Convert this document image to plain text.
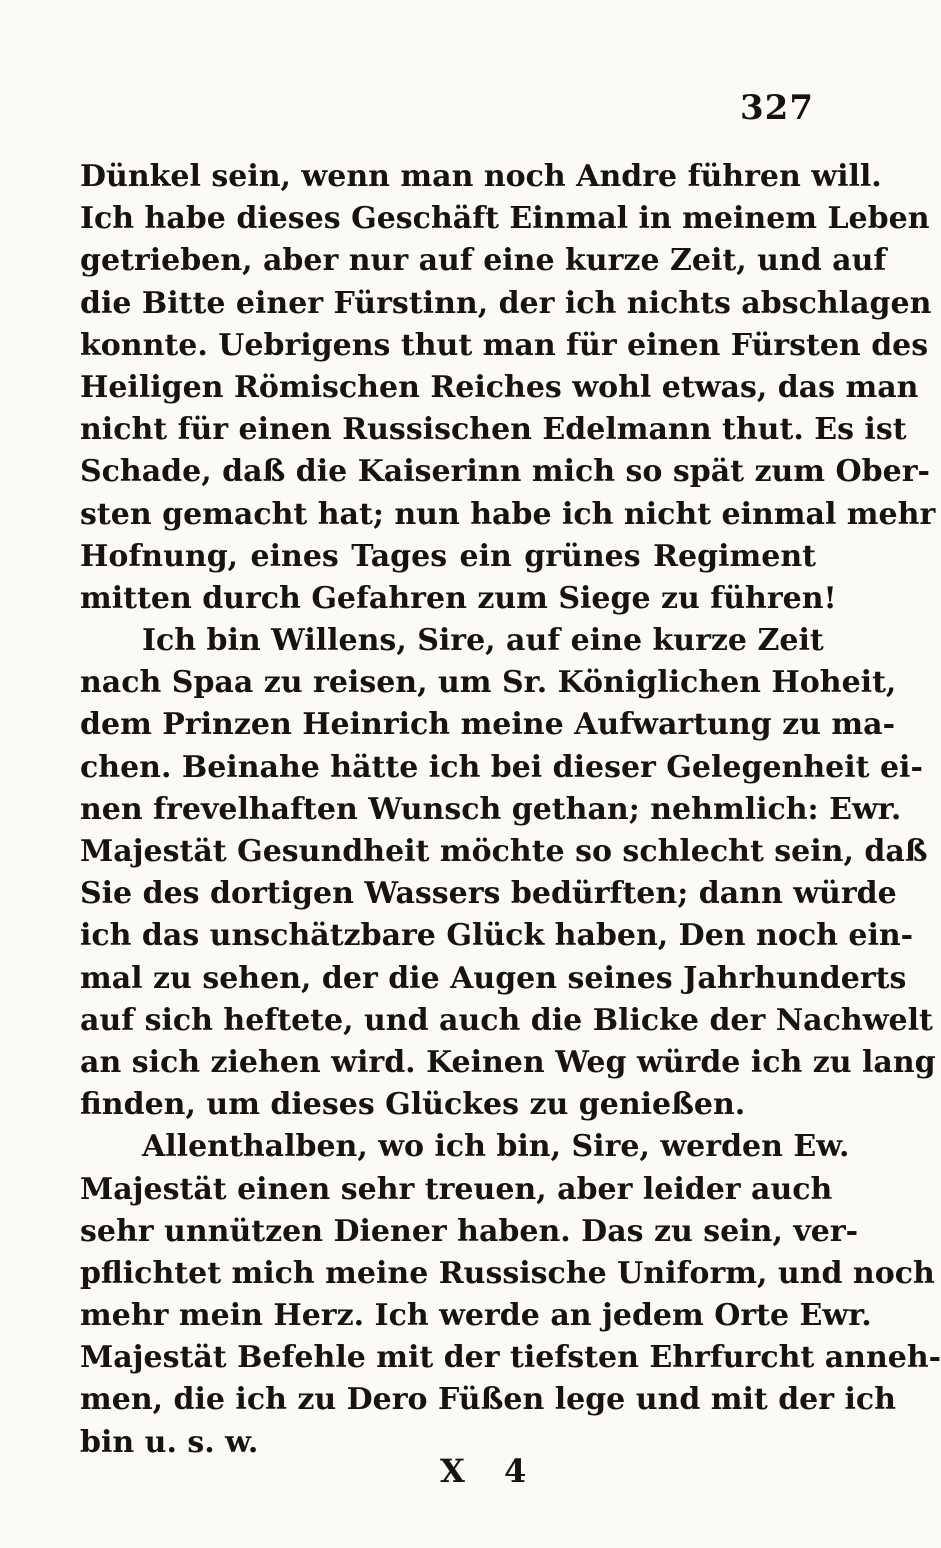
327
Dünkel sein, wenn man noch Andre führen will.
Ich habe dieses Geschäft Einmal in meinem Leben
getrieben, aber nur auf eine kurze Zeit, und auf
die Bitte einer Fürstinn, der ich nichts abschlagen
konnte. Uebrigens thut man für einen Fürsten des
Heiligen Römischen Reiches wohl etwas, das man
nicht für einen Russischen Edelmann thut. Es ist
Schade, daß die Kaiserinn mich so spät zum Ober-
sten gemacht hat; nun habe ich nicht einmal mehr
Hofnung, eines Tages ein grünes Regiment
mitten durch Gefahren zum Siege zu führen!
Ich bin Willens, Sire, auf eine kurze Zeit
nach Spaa zu reisen, um Sr. Königlichen Hoheit,
dem Prinzen Heinrich meine Aufwartung zu ma-
chen. Beinahe hätte ich bei dieser Gelegenheit ei-
nen frevelhaften Wunsch gethan; nehmlich: Ewr.
Majestät Gesundheit möchte so schlecht sein, daß
Sie des dortigen Wassers bedürften; dann würde
ich das unschätzbare Glück haben, Den noch ein-
mal zu sehen, der die Augen seines Jahrhunderts
auf sich heftete, und auch die Blicke der Nachwelt
an sich ziehen wird. Keinen Weg würde ich zu lang
finden, um dieses Glückes zu genießen.
Allenthalben, wo ich bin, Sire, werden Ew.
Majestät einen sehr treuen, aber leider auch
sehr unnützen Diener haben. Das zu sein, ver-
pflichtet mich meine Russische Uniform, und noch
mehr mein Herz. Ich werde an jedem Orte Ewr.
Majestät Befehle mit der tiefsten Ehrfurcht anneh-
men, die ich zu Dero Füßen lege und mit der ich
bin u. s. w.
X 4
